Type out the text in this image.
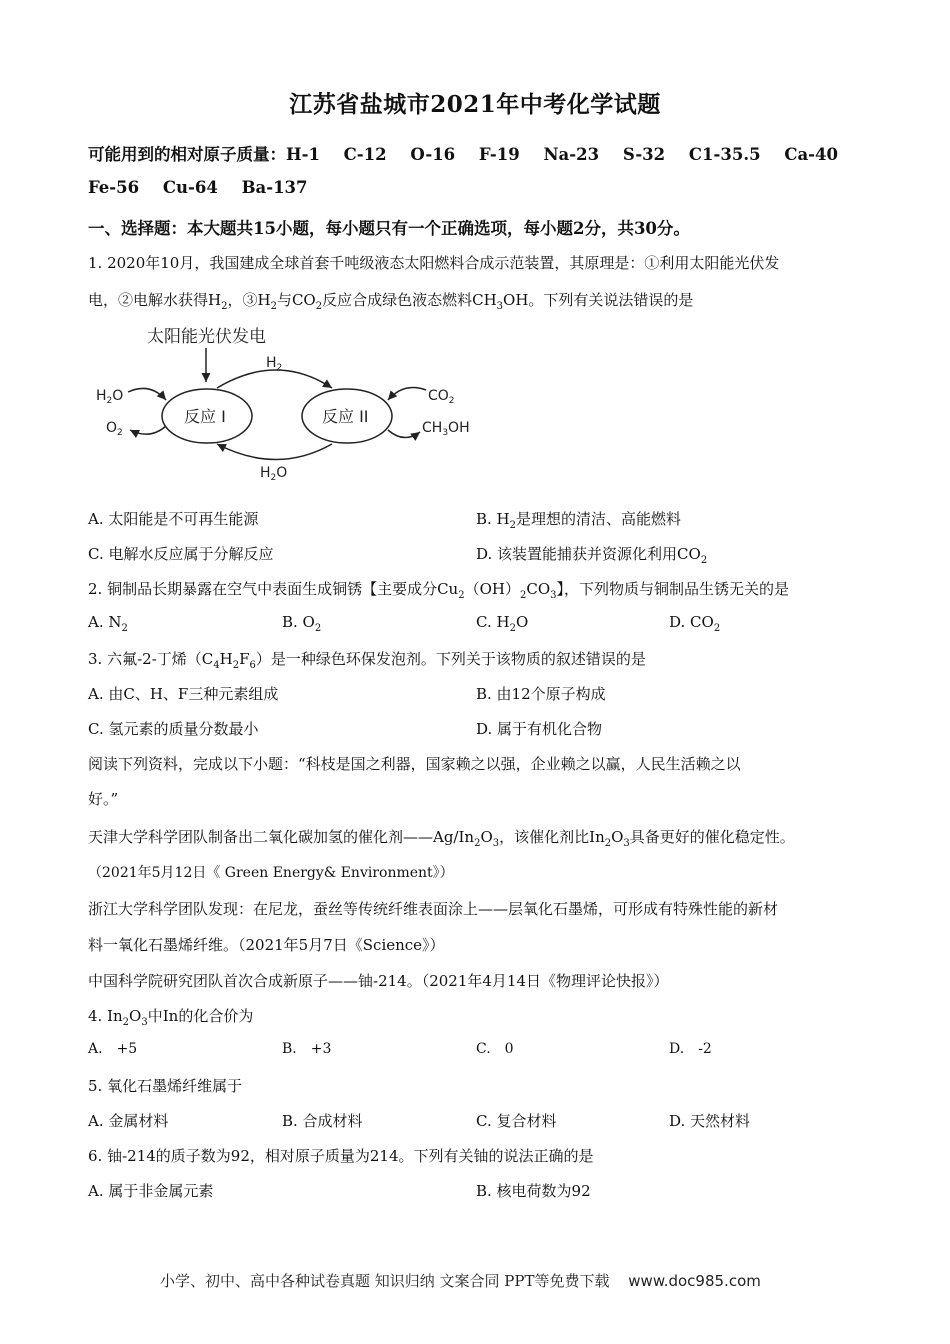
江苏省盐城市2021年中考化学试题
可能用到的相对原子质量：H-1 C-12 O-16 F-19 Na-23 S-32 C1-35.5 Ca-40
Fe-56 Cu-64 Ba-137
一、选择题：本大题共15小题，每小题只有一个正确选项，每小题2分，共30分。
1. 2020年10月，我国建成全球首套千吨级液态太阳燃料合成示范装置，其原理是：①利用太阳能光伏发
电，②电解水获得$H_2$，$③H_2$与$CO_2$反应合成绿色液态燃料$CH_3OH$。下列有关说法错误的是
太阳能光伏发电
反应 I	反应 II
$H_2$
$H_2O$
$H_2O$
$O_2$
$CO_2$
$CH_3OH$
A. 太阳能是不可再生能源	B. $H_2$是理想的清洁、高能燃料
C. 电解水反应属于分解反应	D. 该装置能捕获并资源化利用$CO_2$
2. 铜制品长期暴露在空气中表面生成铜锈【主要成分$Cu_2(OH)_2CO_3$】，下列物质与铜制品生锈无关的是
A. $N_2$	B. $O_2$	C. $H_2O$	D. $CO_2$
3. 六氟-2-丁烯$(C_4H_2F_6)$是一种绿色环保发泡剂。下列关于该物质的叙述错误的是
A. 由C、H、F三种元素组成	B. 由12个原子构成
C. 氢元素的质量分数最小	D. 属于有机化合物
阅读下列资料，完成以下小题：“科枝是国之利器，国家赖之以强，企业赖之以赢，人民生活赖之以
好。”
天津大学科学团队制备出二氧化碳加氢的催化剂$——Ag/In_2O_3$，该催化剂比$In_2O_3$具备更好的催化稳定性。
（2021年5月12日《 Green Energy& Environment》）
浙江大学科学团队发现：在尼龙，蚕丝等传统纤维表面涂上——层氧化石墨烯，可形成有特殊性能的新材
料一氧化石墨烯纤维。（2021年5月7日《Science》）
中国科学院研究团队首次合成新原子——铀-214。（2021年4月14日《物理评论快报》）
4. $In_2O_3$中In的化合价为
A. +5	B. +3	C. 0	D. -2
5. 氧化石墨烯纤维属于
A. 金属材料	B. 合成材料	C. 复合材料	D. 天然材料
6. 铀-214的质子数为92，相对原子质量为214。下列有关铀的说法正确的是
A. 属于非金属元素	B. 核电荷数为92
小学、初中、高中各种试卷真题 知识归纳 文案合同 PPT等免费下载 www.doc985.com
